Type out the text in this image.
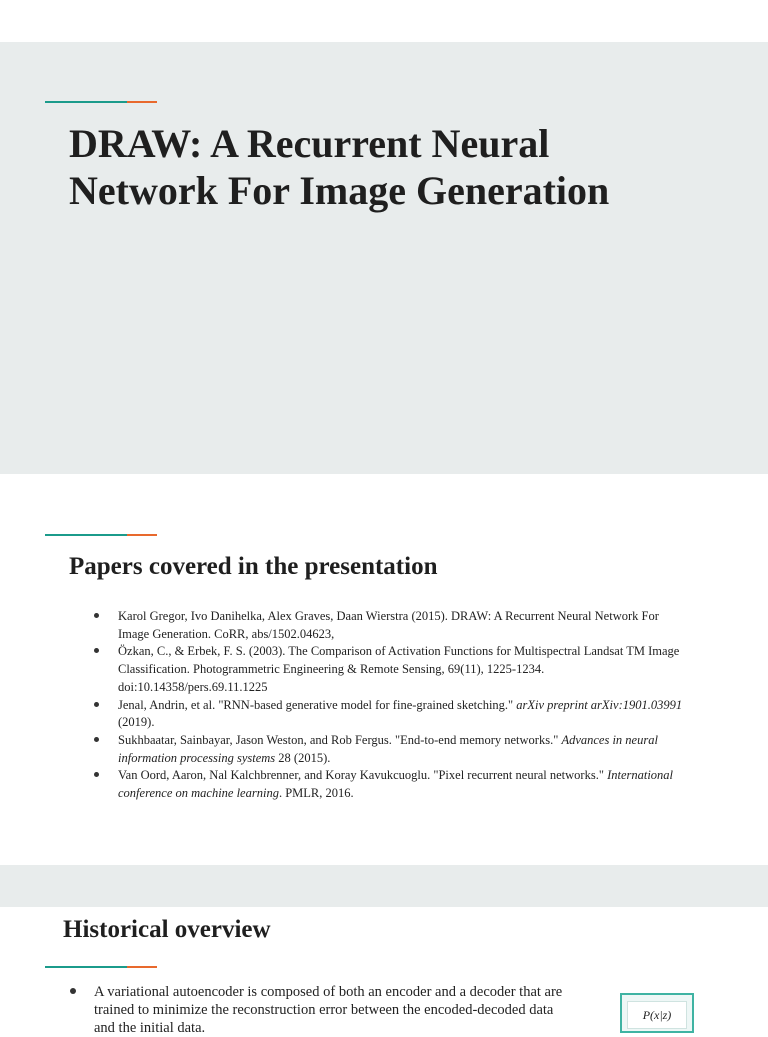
DRAW: A Recurrent Neural
Network For Image Generation
Papers covered in the presentation
Karol Gregor, Ivo Danihelka, Alex Graves, Daan Wierstra (2015). DRAW: A Recurrent Neural Network For Image Generation. CoRR, abs/1502.04623,
Özkan, C., & Erbek, F. S. (2003). The Comparison of Activation Functions for Multispectral Landsat TM Image Classification. Photogrammetric Engineering & Remote Sensing, 69(11), 1225-1234. doi:10.14358/pers.69.11.1225
Jenal, Andrin, et al. "RNN-based generative model for fine-grained sketching." arXiv preprint arXiv:1901.03991 (2019).
Sukhbaatar, Sainbayar, Jason Weston, and Rob Fergus. "End-to-end memory networks." Advances in neural information processing systems 28 (2015).
Van Oord, Aaron, Nal Kalchbrenner, and Koray Kavukcuoglu. "Pixel recurrent neural networks." International conference on machine learning. PMLR, 2016.
Historical overview

A variational autoencoder is composed of both an encoder and a decoder that are trained to minimize the reconstruction error between the encoded-decoded data and the initial data.

P(x|z)
